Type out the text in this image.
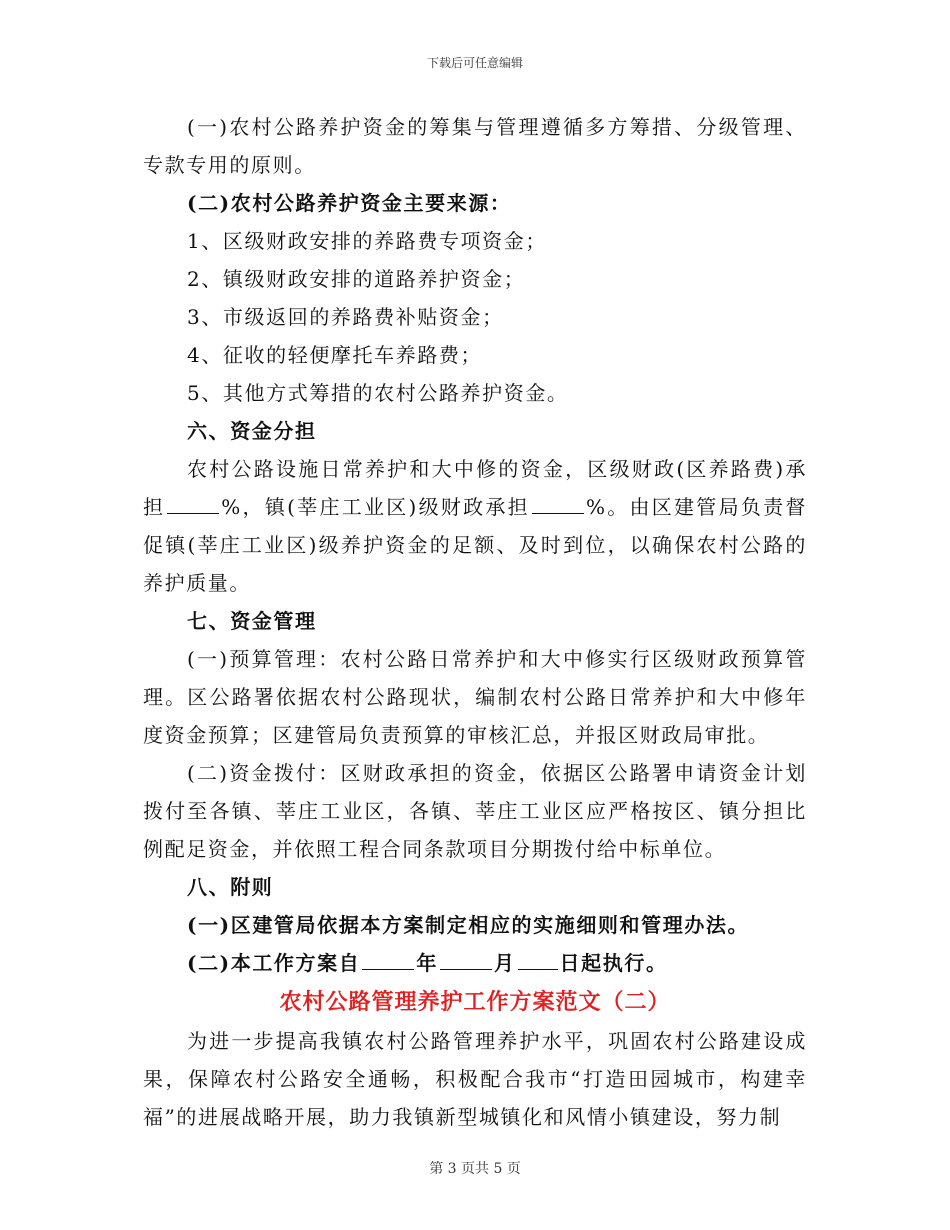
下载后可任意编辑

(一)农村公路养护资金的筹集与管理遵循多方筹措、分级管理、专款专用的原则。

(二)农村公路养护资金主要来源：

1、区级财政安排的养路费专项资金；

2、镇级财政安排的道路养护资金；

3、市级返回的养路费补贴资金；

4、征收的轻便摩托车养路费；

5、其他方式筹措的农村公路养护资金。

六、资金分担

农村公路设施日常养护和大中修的资金，区级财政(区养路费)承担	%，镇(莘庄工业区)级财政承担	%。由区建管局负责督促镇(莘庄工业区)级养护资金的足额、及时到位，以确保农村公路的养护质量。

七、资金管理

(一)预算管理：农村公路日常养护和大中修实行区级财政预算管理。区公路署依据农村公路现状，编制农村公路日常养护和大中修年度资金预算；区建管局负责预算的审核汇总，并报区财政局审批。

(二)资金拨付：区财政承担的资金，依据区公路署申请资金计划拨付至各镇、莘庄工业区，各镇、莘庄工业区应严格按区、镇分担比例配足资金，并依照工程合同条款项目分期拨付给中标单位。

八、附则

(一)区建管局依据本方案制定相应的实施细则和管理办法。

(二)本工作方案自	年	月 日起执行。

农村公路管理养护工作方案范文（二）

为进一步提高我镇农村公路管理养护水平，巩固农村公路建设成果，保障农村公路安全通畅，积极配合我市“打造田园城市，构建幸福”的进展战略开展，助力我镇新型城镇化和风情小镇建设，努力制

第 3 页共 5 页
